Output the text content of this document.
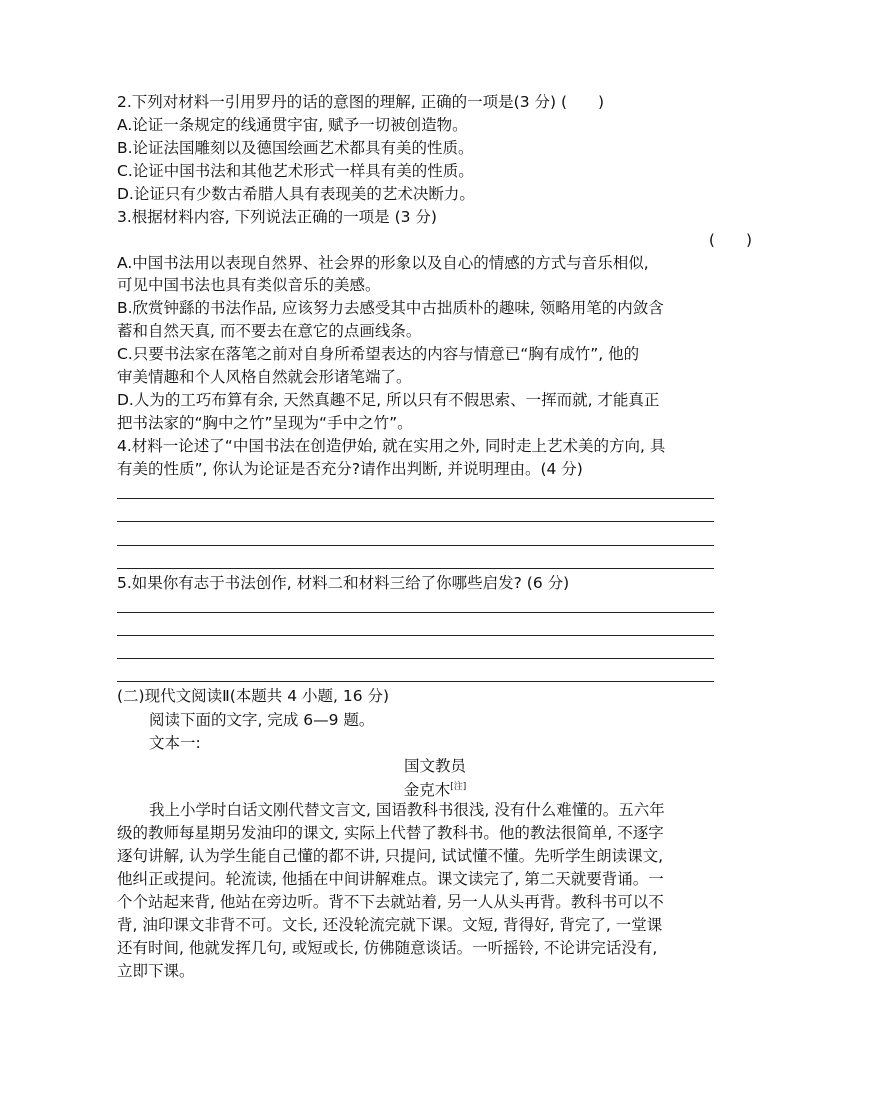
2.下列对材料一引用罗丹的话的意图的理解, 正确的一项是(3 分) (　　)
A.论证一条规定的线通贯宇宙, 赋予一切被创造物。
B.论证法国雕刻以及德国绘画艺术都具有美的性质。
C.论证中国书法和其他艺术形式一样具有美的性质。
D.论证只有少数古希腊人具有表现美的艺术决断力。
3.根据材料内容, 下列说法正确的一项是 (3 分)
(　　)
A.中国书法用以表现自然界、社会界的形象以及自心的情感的方式与音乐相似,
可见中国书法也具有类似音乐的美感。
B.欣赏钟繇的书法作品, 应该努力去感受其中古拙质朴的趣味, 领略用笔的内敛含
蓄和自然天真, 而不要去在意它的点画线条。
C.只要书法家在落笔之前对自身所希望表达的内容与情意已“胸有成竹”, 他的
审美情趣和个人风格自然就会形诸笔端了。
D.人为的工巧布算有余, 天然真趣不足, 所以只有不假思索、一挥而就, 才能真正
把书法家的“胸中之竹”呈现为“手中之竹”。
4.材料一论述了“中国书法在创造伊始, 就在实用之外, 同时走上艺术美的方向, 具
有美的性质”, 你认为论证是否充分?请作出判断, 并说明理由。(4 分)
5.如果你有志于书法创作, 材料二和材料三给了你哪些启发? (6 分)
(二)现代文阅读Ⅱ(本题共 4 小题, 16 分)
阅读下面的文字, 完成 6—9 题。
文本一:
国文教员
金克木[注]
我上小学时白话文刚代替文言文, 国语教科书很浅, 没有什么难懂的。五六年
级的教师每星期另发油印的课文, 实际上代替了教科书。他的教法很简单, 不逐字
逐句讲解, 认为学生能自己懂的都不讲, 只提问, 试试懂不懂。先听学生朗读课文,
他纠正或提问。轮流读, 他插在中间讲解难点。课文读完了, 第二天就要背诵。一
个个站起来背, 他站在旁边听。背不下去就站着, 另一人从头再背。教科书可以不
背, 油印课文非背不可。文长, 还没轮流完就下课。文短, 背得好, 背完了, 一堂课
还有时间, 他就发挥几句, 或短或长, 仿佛随意谈话。一听摇铃, 不论讲完话没有,
立即下课。
